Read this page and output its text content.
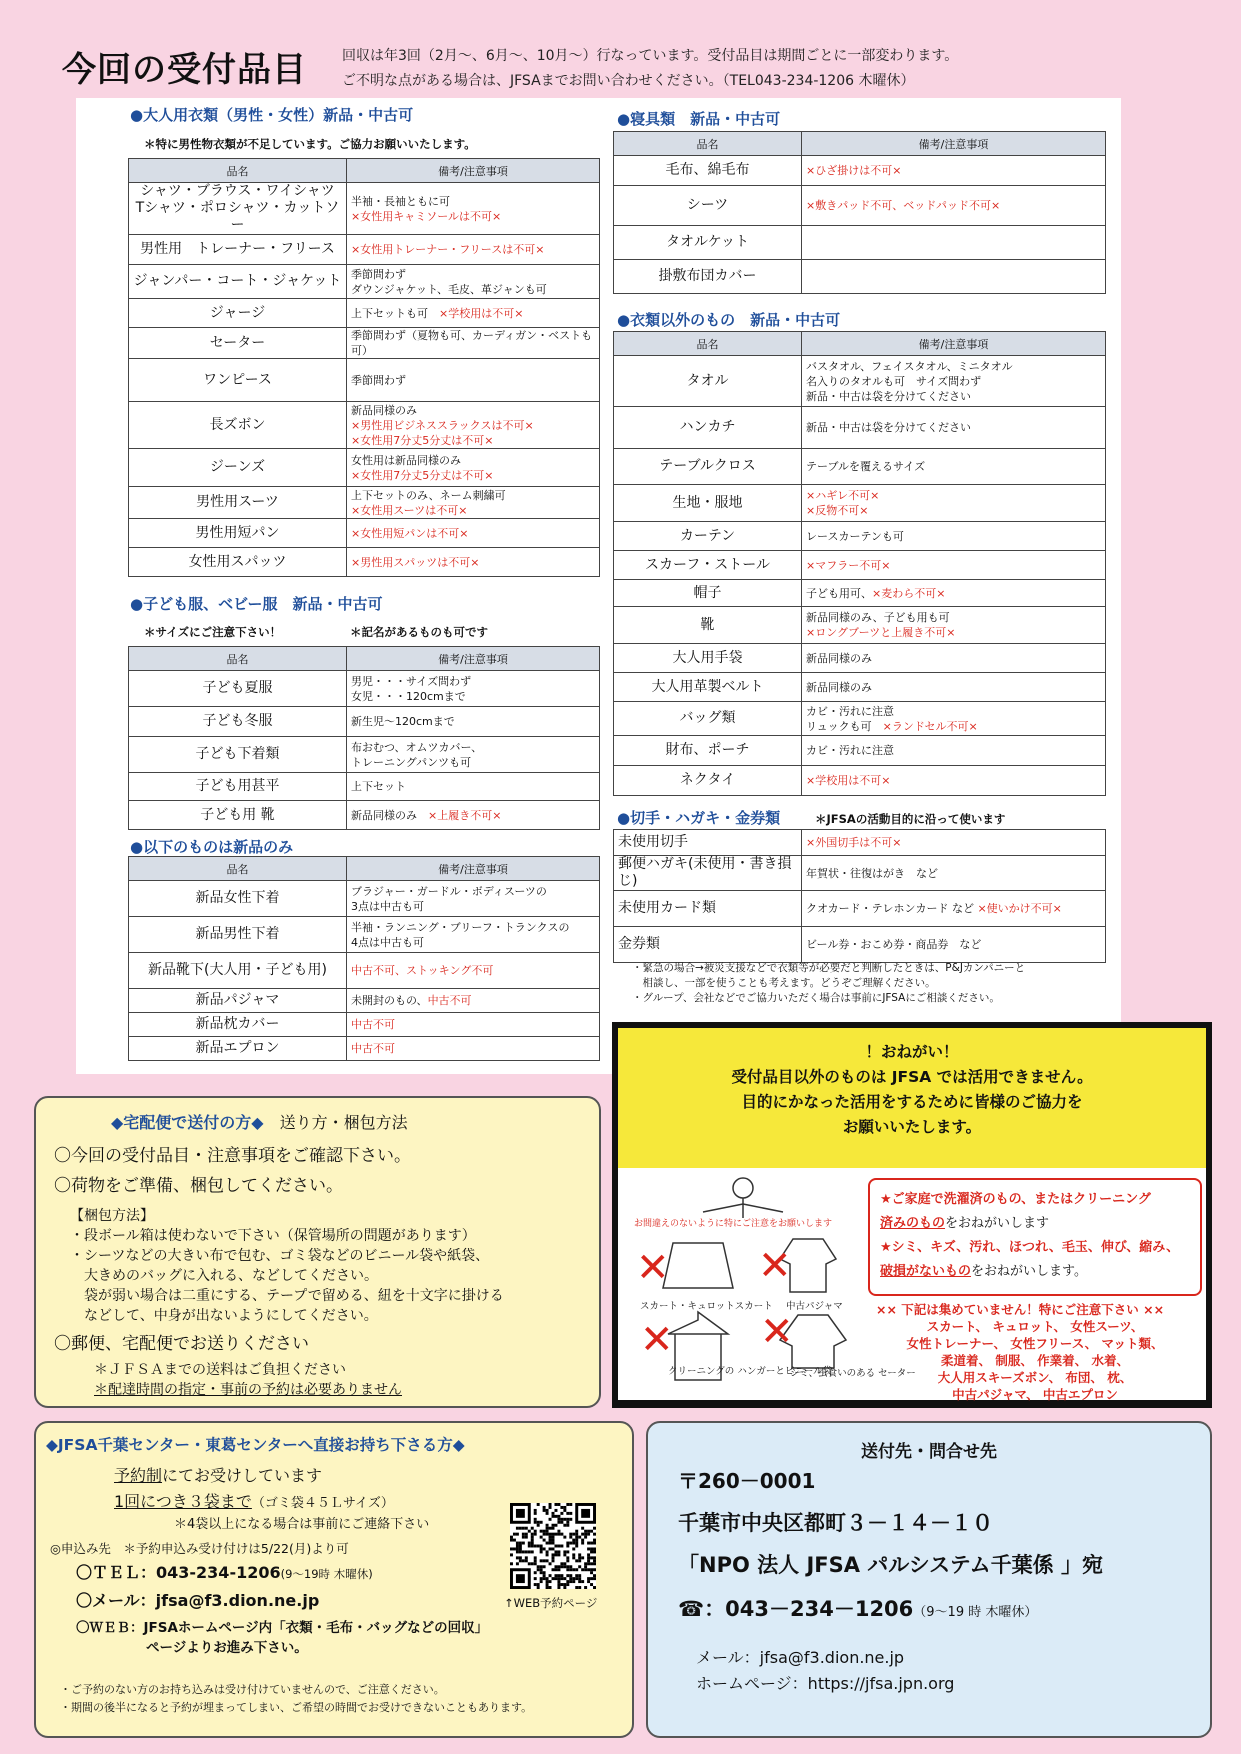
今回の受付品目	回収は年3回（2月～、6月～、10月～）行なっています。受付品目は期間ごとに一部変わります。
ご不明な点がある場合は、JFSAまでお問い合わせください。（TEL043-234-1206 木曜休）
●大人用衣類（男性・女性）新品・中古可
＊特に男性物衣類が不足しています。ご協力お願いいたします。
品名	備考/注意事項
シャツ・ブラウス・ワイシャツ
Tシャツ・ポロシャツ・カットソー	半袖・長袖ともに可
×女性用キャミソールは不可×
男性用　トレーナー・フリース	×女性用トレーナー・フリースは不可×
ジャンパー・コート・ジャケット	季節問わず
ダウンジャケット、毛皮、革ジャンも可
ジャージ	上下セットも可　×学校用は不可×
セーター	季節問わず（夏物も可、カーディガン・ベストも可）
ワンピース	季節問わず
長ズボン	新品同様のみ
×男性用ビジネススラックスは不可×
×女性用7分丈5分丈は不可×
ジーンズ	女性用は新品同様のみ
×女性用7分丈5分丈は不可×
男性用スーツ	上下セットのみ、ネーム刺繍可
×女性用スーツは不可×
男性用短パン	×女性用短パンは不可×
女性用スパッツ	×男性用スパッツは不可×
●子ども服、ベビー服　新品・中古可
＊サイズにご注意下さい！	＊記名があるものも可です
品名	備考/注意事項
子ども夏服	男児・・・サイズ問わず
女児・・・120cmまで
子ども冬服	新生児～120cmまで
子ども下着類	布おむつ、オムツカバー、
トレーニングパンツも可
子ども用甚平	上下セット
子ども用 靴	新品同様のみ　×上履き不可×
●以下のものは新品のみ
品名	備考/注意事項
新品女性下着	ブラジャー・ガードル・ボディスーツの
3点は中古も可
新品男性下着	半袖・ランニング・ブリーフ・トランクスの
4点は中古も可
新品靴下(大人用・子ども用)	中古不可、ストッキング不可
新品パジャマ	未開封のもの、中古不可
新品枕カバー	中古不可
新品エプロン	中古不可
●寝具類　新品・中古可
品名	備考/注意事項
毛布、綿毛布	×ひざ掛けは不可×
シーツ	×敷きパッド不可、ベッドパッド不可×
タオルケット	
掛敷布団カバー	
●衣類以外のもの　新品・中古可
品名	備考/注意事項
タオル	バスタオル、フェイスタオル、ミニタオル
名入りのタオルも可　サイズ問わず
新品・中古は袋を分けてください
ハンカチ	新品・中古は袋を分けてください
テーブルクロス	テーブルを覆えるサイズ
生地・服地	×ハギレ不可×
×反物不可×
カーテン	レースカーテンも可
スカーフ・ストール	×マフラー不可×
帽子	子ども用可、×麦わら不可×
靴	新品同様のみ、子ども用も可
×ロングブーツと上履き不可×
大人用手袋	新品同様のみ
大人用革製ベルト	新品同様のみ
バッグ類	カビ・汚れに注意
リュックも可　×ランドセル不可×
財布、ポーチ	カビ・汚れに注意
ネクタイ	×学校用は不可×
●切手・ハガキ・金券類	＊JFSAの活動目的に沿って使います
未使用切手	×外国切手は不可×
郵便ハガキ(未使用・書き損じ)	年賀状・往復はがき　など
未使用カード類	クオカード・テレホンカード など ×使いかけ不可×
金券類	ビール券・おこめ券・商品券　など
・緊急の場合→被災支援などで衣類等が必要だと判断したときは、P&Jカンパニーと
　相談し、一部を使うことも考えます。どうぞご理解ください。
・グループ、会社などでご協力いただく場合は事前にJFSAにご相談ください。
！おねがい！
受付品目以外のものは JFSA では活用できません。
目的にかなった活用をするために皆様のご協力を
お願いいたします。
お間違えのないように特にご注意をお願いします
✕ ✕
スカート・キュロットスカート 中古パジャマ
✕ ✕
クリーニングの ハンガーとビニール袋
シミ、虫食いのある セーター
★ご家庭で洗濯済のもの、またはクリーニング
済みのものをおねがいします
★シミ、キズ、汚れ、ほつれ、毛玉、伸び、縮み、
破損がないものをおねがいします。
×× 下記は集めていません！特にご注意下さい ××
スカート、 キュロット、 女性スーツ、
女性トレーナー、 女性フリース、 マット類、
柔道着、 制服、 作業着、 水着、
大人用スキーズボン、 布団、 枕、
中古パジャマ、 中古エプロン
◆宅配便で送付の方◆　 送り方・梱包方法
〇今回の受付品目・注意事項をご確認下さい。
〇荷物をご準備、梱包してください。
【梱包方法】
・段ボール箱は使わないで下さい（保管場所の問題があります）
・シーツなどの大きい布で包む、ゴミ袋などのビニール袋や紙袋、
　大きめのバッグに入れる、などしてください。
　袋が弱い場合は二重にする、テープで留める、紐を十文字に掛ける
　などして、中身が出ないようにしてください。
〇郵便、宅配便でお送りください
＊ＪＦＳＡまでの送料はご負担ください
＊配達時間の指定・事前の予約は必要ありません
◆JFSA千葉センター・東葛センターへ直接お持ち下さる方◆
予約制にてお受けしています
1回につき３袋まで（ゴミ袋４５Ｌサイズ）
＊4袋以上になる場合は事前にご連絡下さい
◎申込み先　＊予約申込み受け付けは5/22(月)より可
〇ＴＥＬ：043-234-1206(9～19時 木曜休)
〇メール：jfsa@f3.dion.ne.jp
〇ＷＥＢ：JFSAホームページ内「衣類・毛布・バッグなどの回収」
ページよりお進み下さい。
↑WEB予約ページ
・ご予約のない方のお持ち込みは受け付けていませんので、ご注意ください。
・期間の後半になると予約が埋まってしまい、ご希望の時間でお受けできないこともあります。
送付先・問合せ先
〒260－0001
千葉市中央区都町３－１４－１０
「NPO 法人 JFSA パルシステム千葉係 」宛
☎：043－234－1206（9～19 時 木曜休）
メール：jfsa@f3.dion.ne.jp
ホームページ：https://jfsa.jpn.org
